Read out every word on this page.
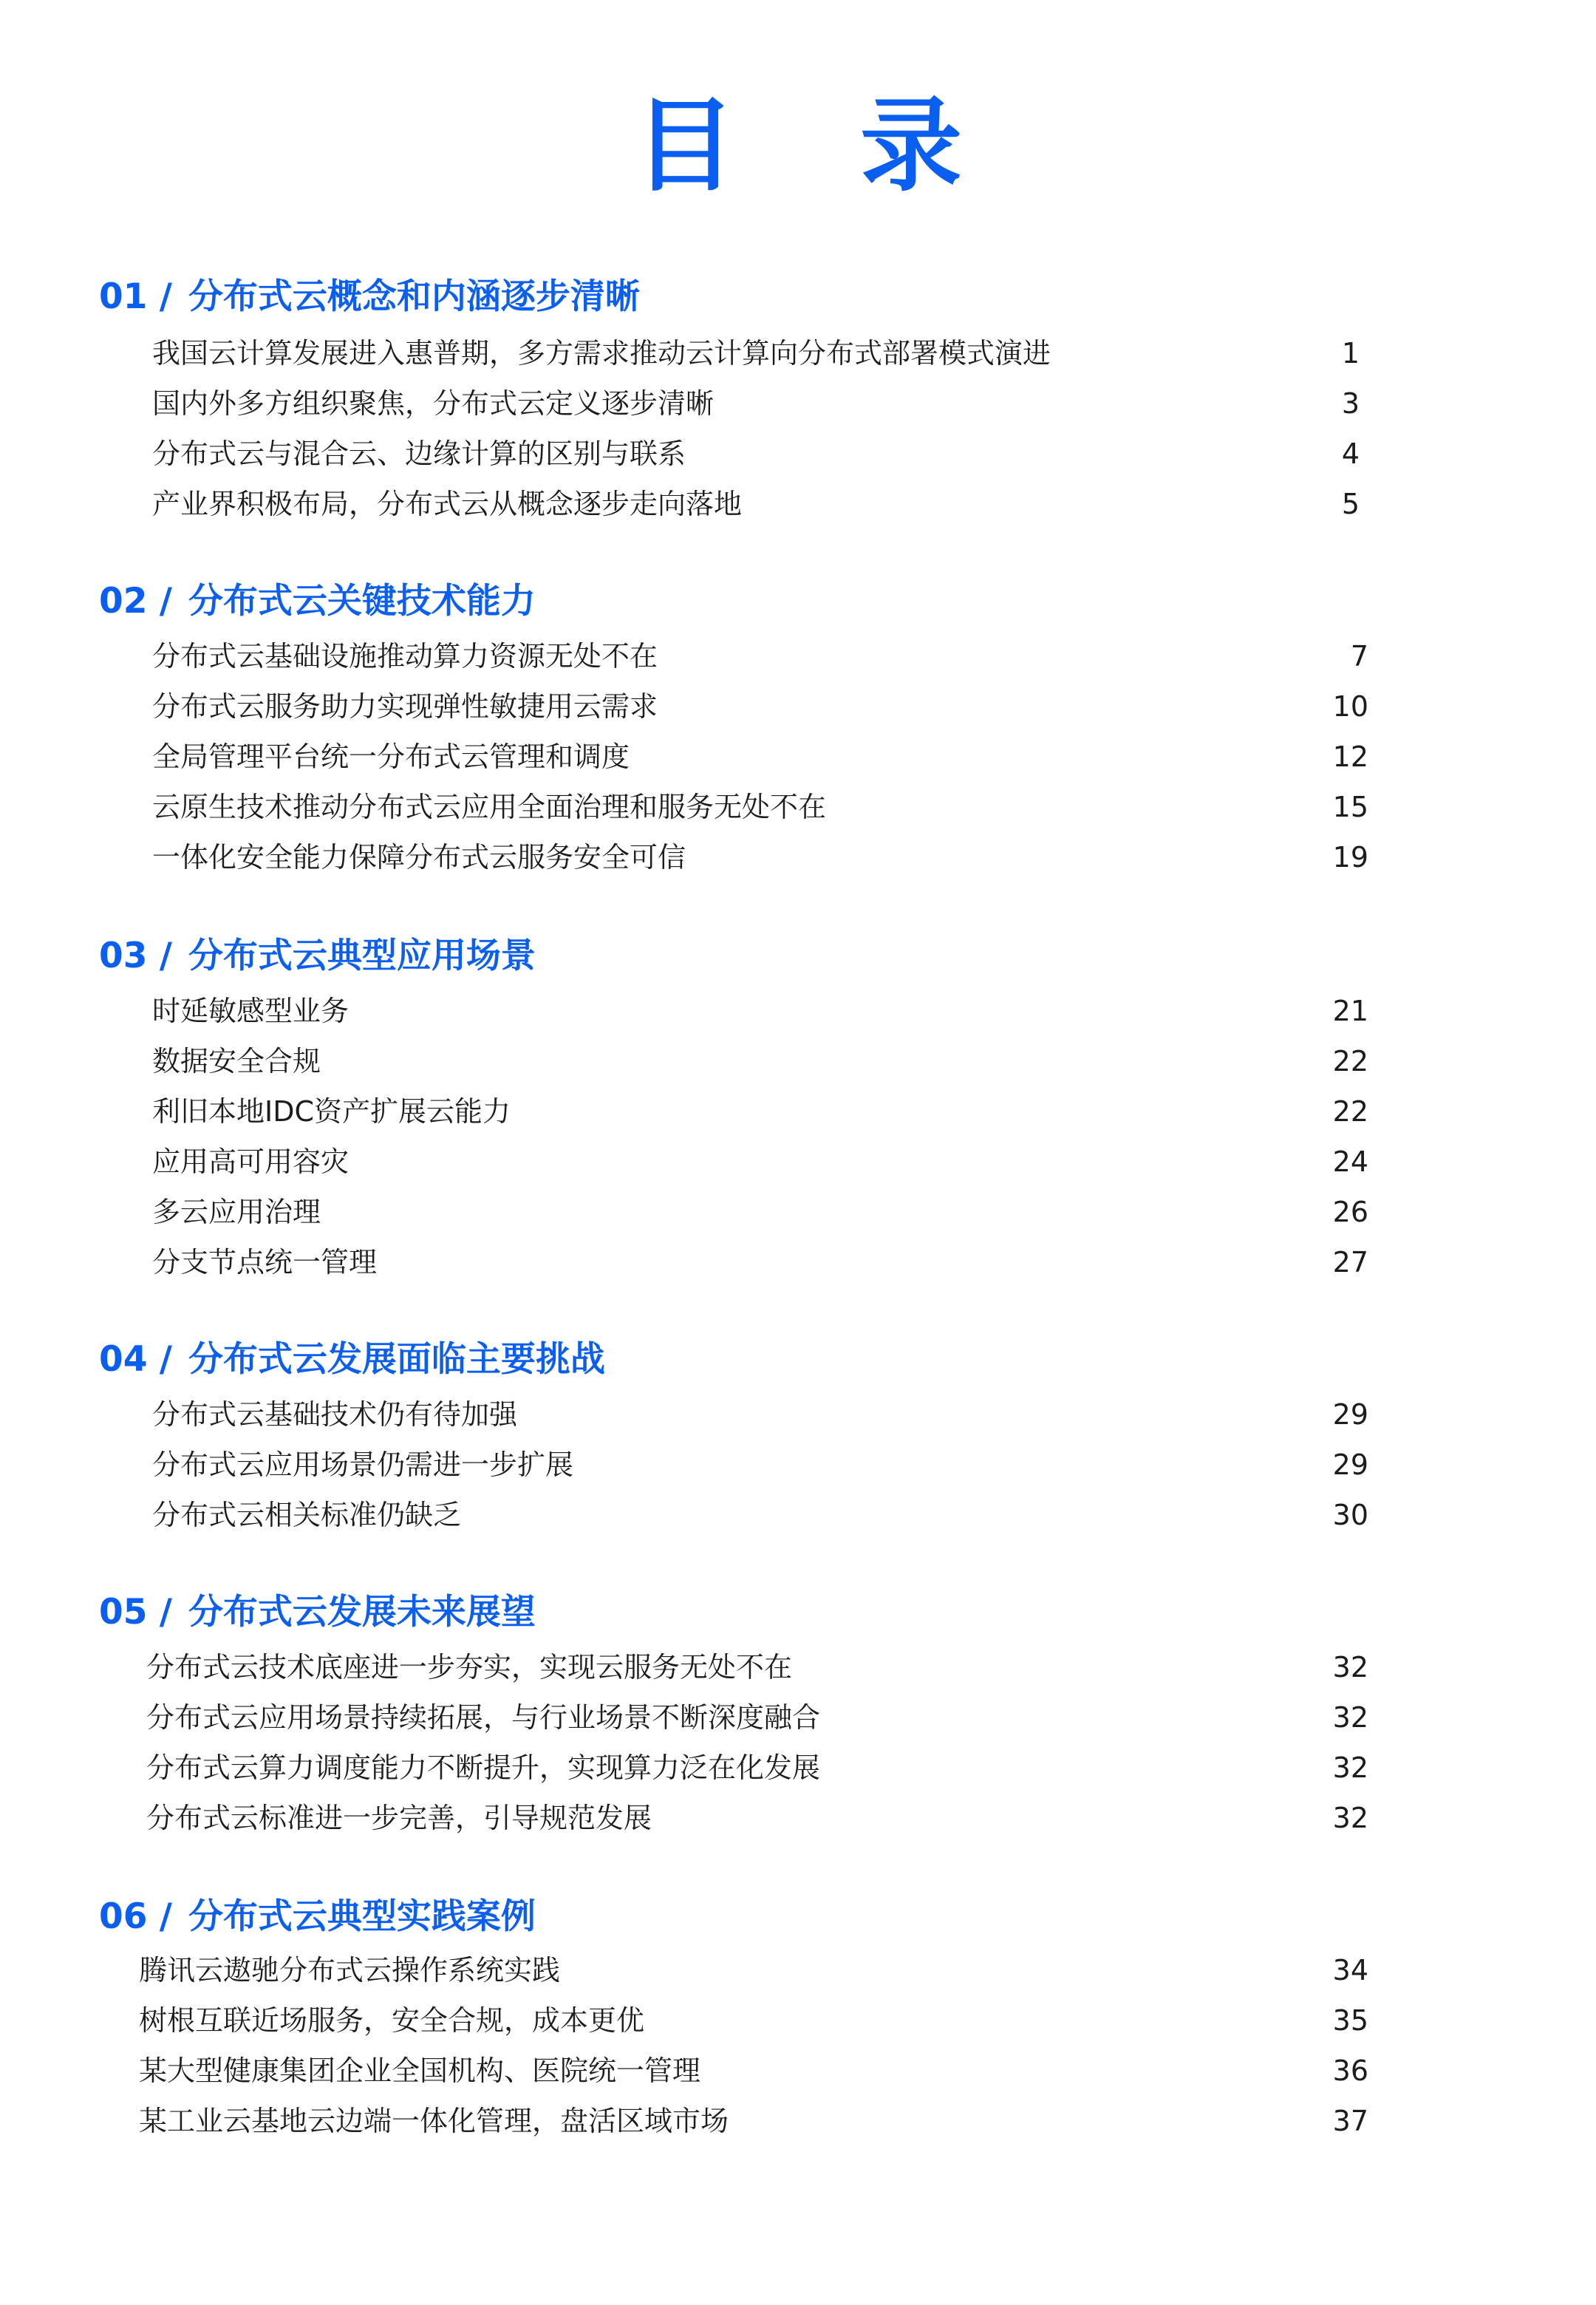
目 录
01 / 分布式云概念和内涵逐步清晰
我国云计算发展进入惠普期，多方需求推动云计算向分布式部署模式演进	1
国内外多方组织聚焦，分布式云定义逐步清晰	3
分布式云与混合云、边缘计算的区别与联系	4
产业界积极布局，分布式云从概念逐步走向落地	5
02 / 分布式云关键技术能力
分布式云基础设施推动算力资源无处不在	7
分布式云服务助力实现弹性敏捷用云需求	10
全局管理平台统一分布式云管理和调度	12
云原生技术推动分布式云应用全面治理和服务无处不在	15
一体化安全能力保障分布式云服务安全可信	19
03 / 分布式云典型应用场景
时延敏感型业务	21
数据安全合规	22
利旧本地IDC资产扩展云能力	22
应用高可用容灾	24
多云应用治理	26
分支节点统一管理	27
04 / 分布式云发展面临主要挑战
分布式云基础技术仍有待加强	29
分布式云应用场景仍需进一步扩展	29
分布式云相关标准仍缺乏	30
05 / 分布式云发展未来展望
分布式云技术底座进一步夯实，实现云服务无处不在	32
分布式云应用场景持续拓展，与行业场景不断深度融合	32
分布式云算力调度能力不断提升，实现算力泛在化发展	32
分布式云标准进一步完善，引导规范发展	32
06 / 分布式云典型实践案例
腾讯云遨驰分布式云操作系统实践	34
树根互联近场服务，安全合规，成本更优	35
某大型健康集团企业全国机构、医院统一管理	36
某工业云基地云边端一体化管理，盘活区域市场	37
